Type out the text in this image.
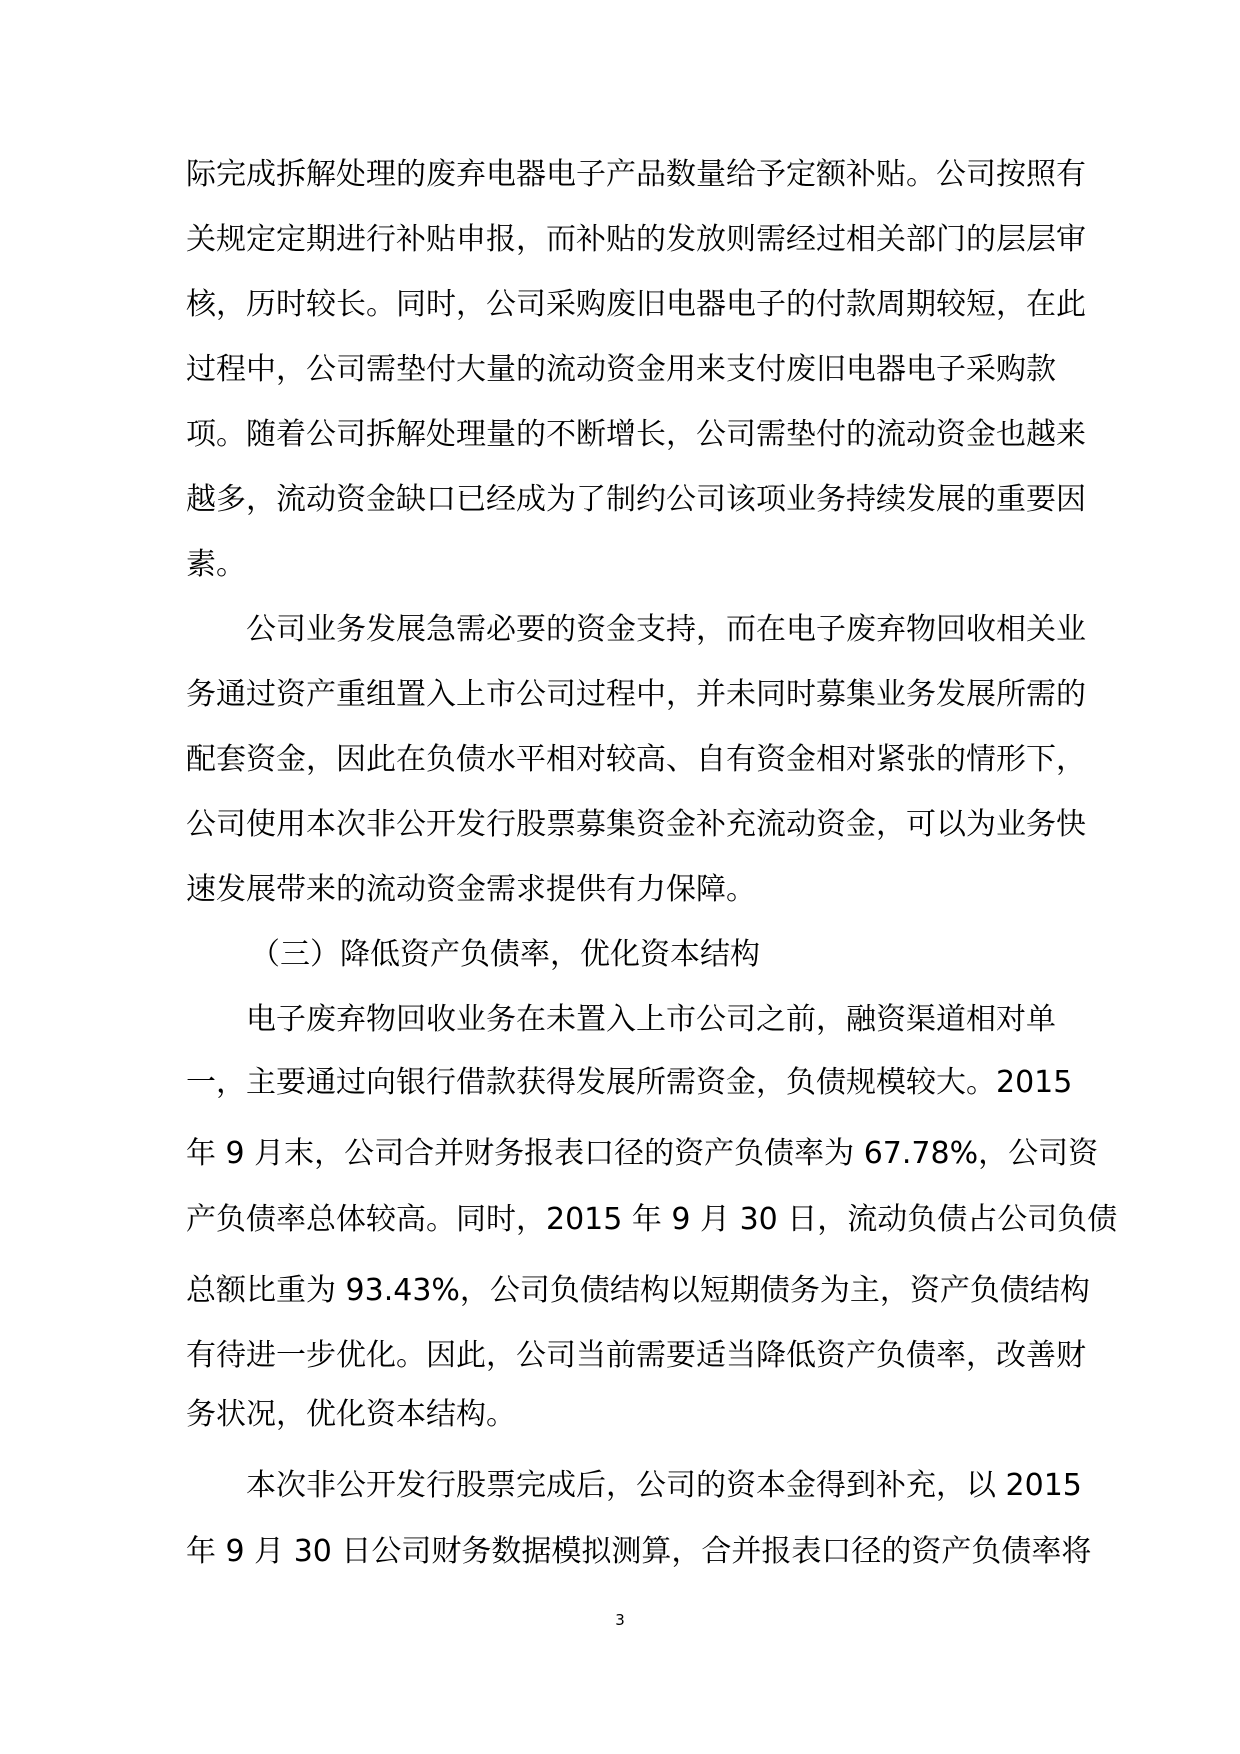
际完成拆解处理的废弃电器电子产品数量给予定额补贴。公司按照有
关规定定期进行补贴申报，而补贴的发放则需经过相关部门的层层审
核，历时较长。同时，公司采购废旧电器电子的付款周期较短，在此
过程中，公司需垫付大量的流动资金用来支付废旧电器电子采购款
项。随着公司拆解处理量的不断增长，公司需垫付的流动资金也越来
越多，流动资金缺口已经成为了制约公司该项业务持续发展的重要因
素。
公司业务发展急需必要的资金支持，而在电子废弃物回收相关业
务通过资产重组置入上市公司过程中，并未同时募集业务发展所需的
配套资金，因此在负债水平相对较高、自有资金相对紧张的情形下，
公司使用本次非公开发行股票募集资金补充流动资金，可以为业务快
速发展带来的流动资金需求提供有力保障。
（三）降低资产负债率，优化资本结构
电子废弃物回收业务在未置入上市公司之前，融资渠道相对单
一，主要通过向银行借款获得发展所需资金，负债规模较大。2015
年 9 月末，公司合并财务报表口径的资产负债率为 67.78%，公司资
产负债率总体较高。同时，2015 年 9 月 30 日，流动负债占公司负债
总额比重为 93.43%，公司负债结构以短期债务为主，资产负债结构
有待进一步优化。因此，公司当前需要适当降低资产负债率，改善财
务状况，优化资本结构。
本次非公开发行股票完成后，公司的资本金得到补充，以 2015
年 9 月 30 日公司财务数据模拟测算，合并报表口径的资产负债率将
3
